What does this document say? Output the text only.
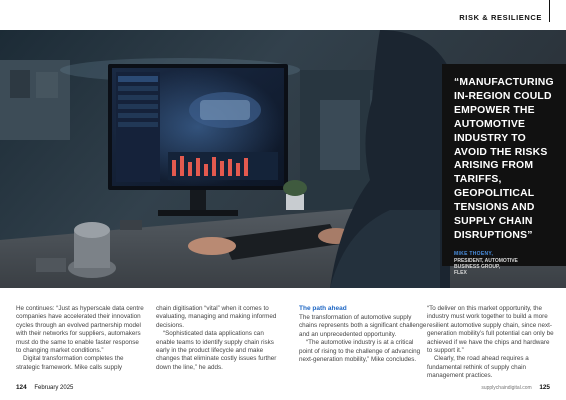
RISK & RESILIENCE
“MANUFACTURING IN-REGION COULD EMPOWER THE AUTOMOTIVE INDUSTRY TO AVOID THE RISKS ARISING FROM TARIFFS, GEOPOLITICAL TENSIONS AND SUPPLY CHAIN DISRUPTIONS”
MIKE THOENY,
PRESIDENT, AUTOMOTIVE
BUSINESS GROUP,
FLEX

He continues: “Just as hyperscale data centre companies have accelerated their innovation cycles through an evolved partnership model with their networks for suppliers, automakers must do the same to enable faster response to changing market conditions.”

Digital transformation completes the strategic framework. Mike calls supply

chain digitisation “vital” when it comes to evaluating, managing and making informed decisions.

“Sophisticated data applications can enable teams to identify supply chain risks early in the product lifecycle and make changes that eliminate costly issues further down the line,” he adds.

The path ahead

The transformation of automotive supply chains represents both a significant challenge and an unprecedented opportunity.

“The automotive industry is at a critical point of rising to the challenge of advancing next-generation mobility,” Mike concludes.

“To deliver on this market opportunity, the industry must work together to build a more resilient automotive supply chain, since next-generation mobility’s full potential can only be achieved if we have the chips and hardware to support it.”

Clearly, the road ahead requires a fundamental rethink of supply chain management practices.

124 February 2025	supplychaindigital.com 125
